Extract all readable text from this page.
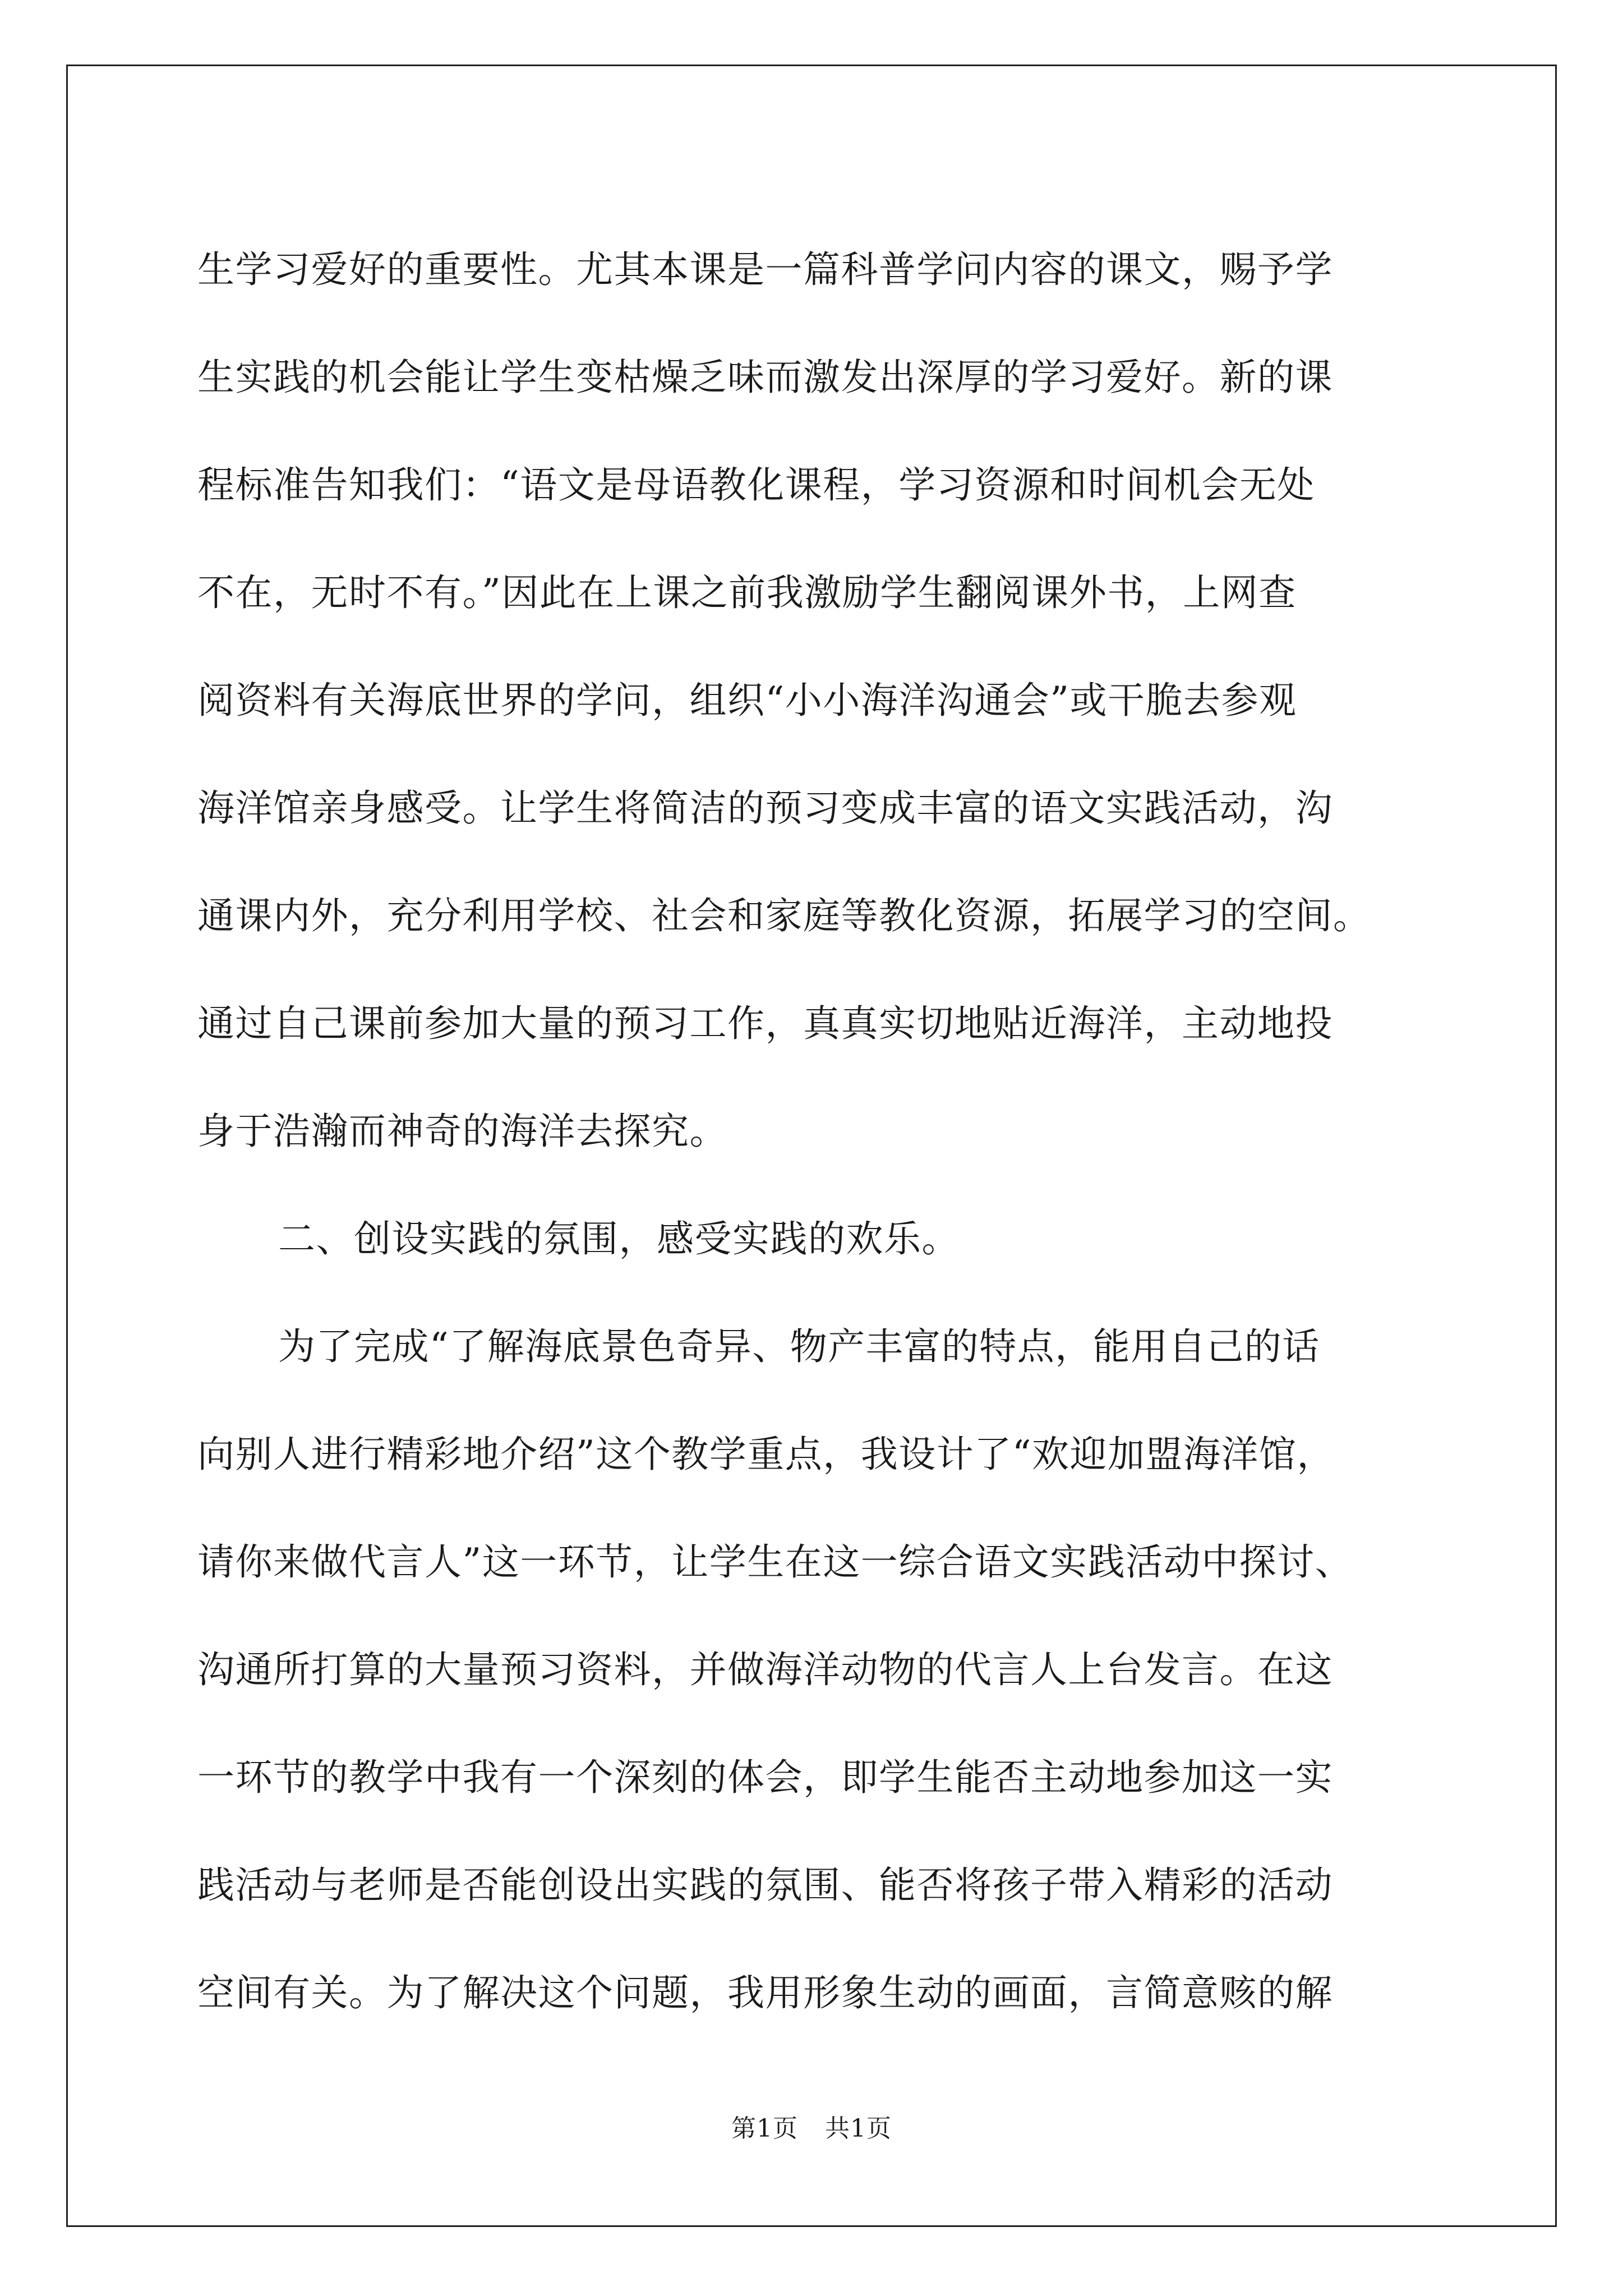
生学习爱好的重要性。尤其本课是一篇科普学问内容的课文，赐予学
生实践的机会能让学生变枯燥乏味而激发出深厚的学习爱好。新的课
程标准告知我们：“语文是母语教化课程，学习资源和时间机会无处
不在，无时不有。”因此在上课之前我激励学生翻阅课外书，上网查
阅资料有关海底世界的学问，组织“小小海洋沟通会”或干脆去参观
海洋馆亲身感受。让学生将简洁的预习变成丰富的语文实践活动，沟
通课内外，充分利用学校、社会和家庭等教化资源，拓展学习的空间。
通过自己课前参加大量的预习工作，真真实切地贴近海洋，主动地投
身于浩瀚而神奇的海洋去探究。
二、创设实践的氛围，感受实践的欢乐。
为了完成“了解海底景色奇异、物产丰富的特点，能用自己的话
向别人进行精彩地介绍”这个教学重点，我设计了“欢迎加盟海洋馆，
请你来做代言人”这一环节，让学生在这一综合语文实践活动中探讨、
沟通所打算的大量预习资料，并做海洋动物的代言人上台发言。在这
一环节的教学中我有一个深刻的体会，即学生能否主动地参加这一实
践活动与老师是否能创设出实践的氛围、能否将孩子带入精彩的活动
空间有关。为了解决这个问题，我用形象生动的画面，言简意赅的解
第1页 共1页
